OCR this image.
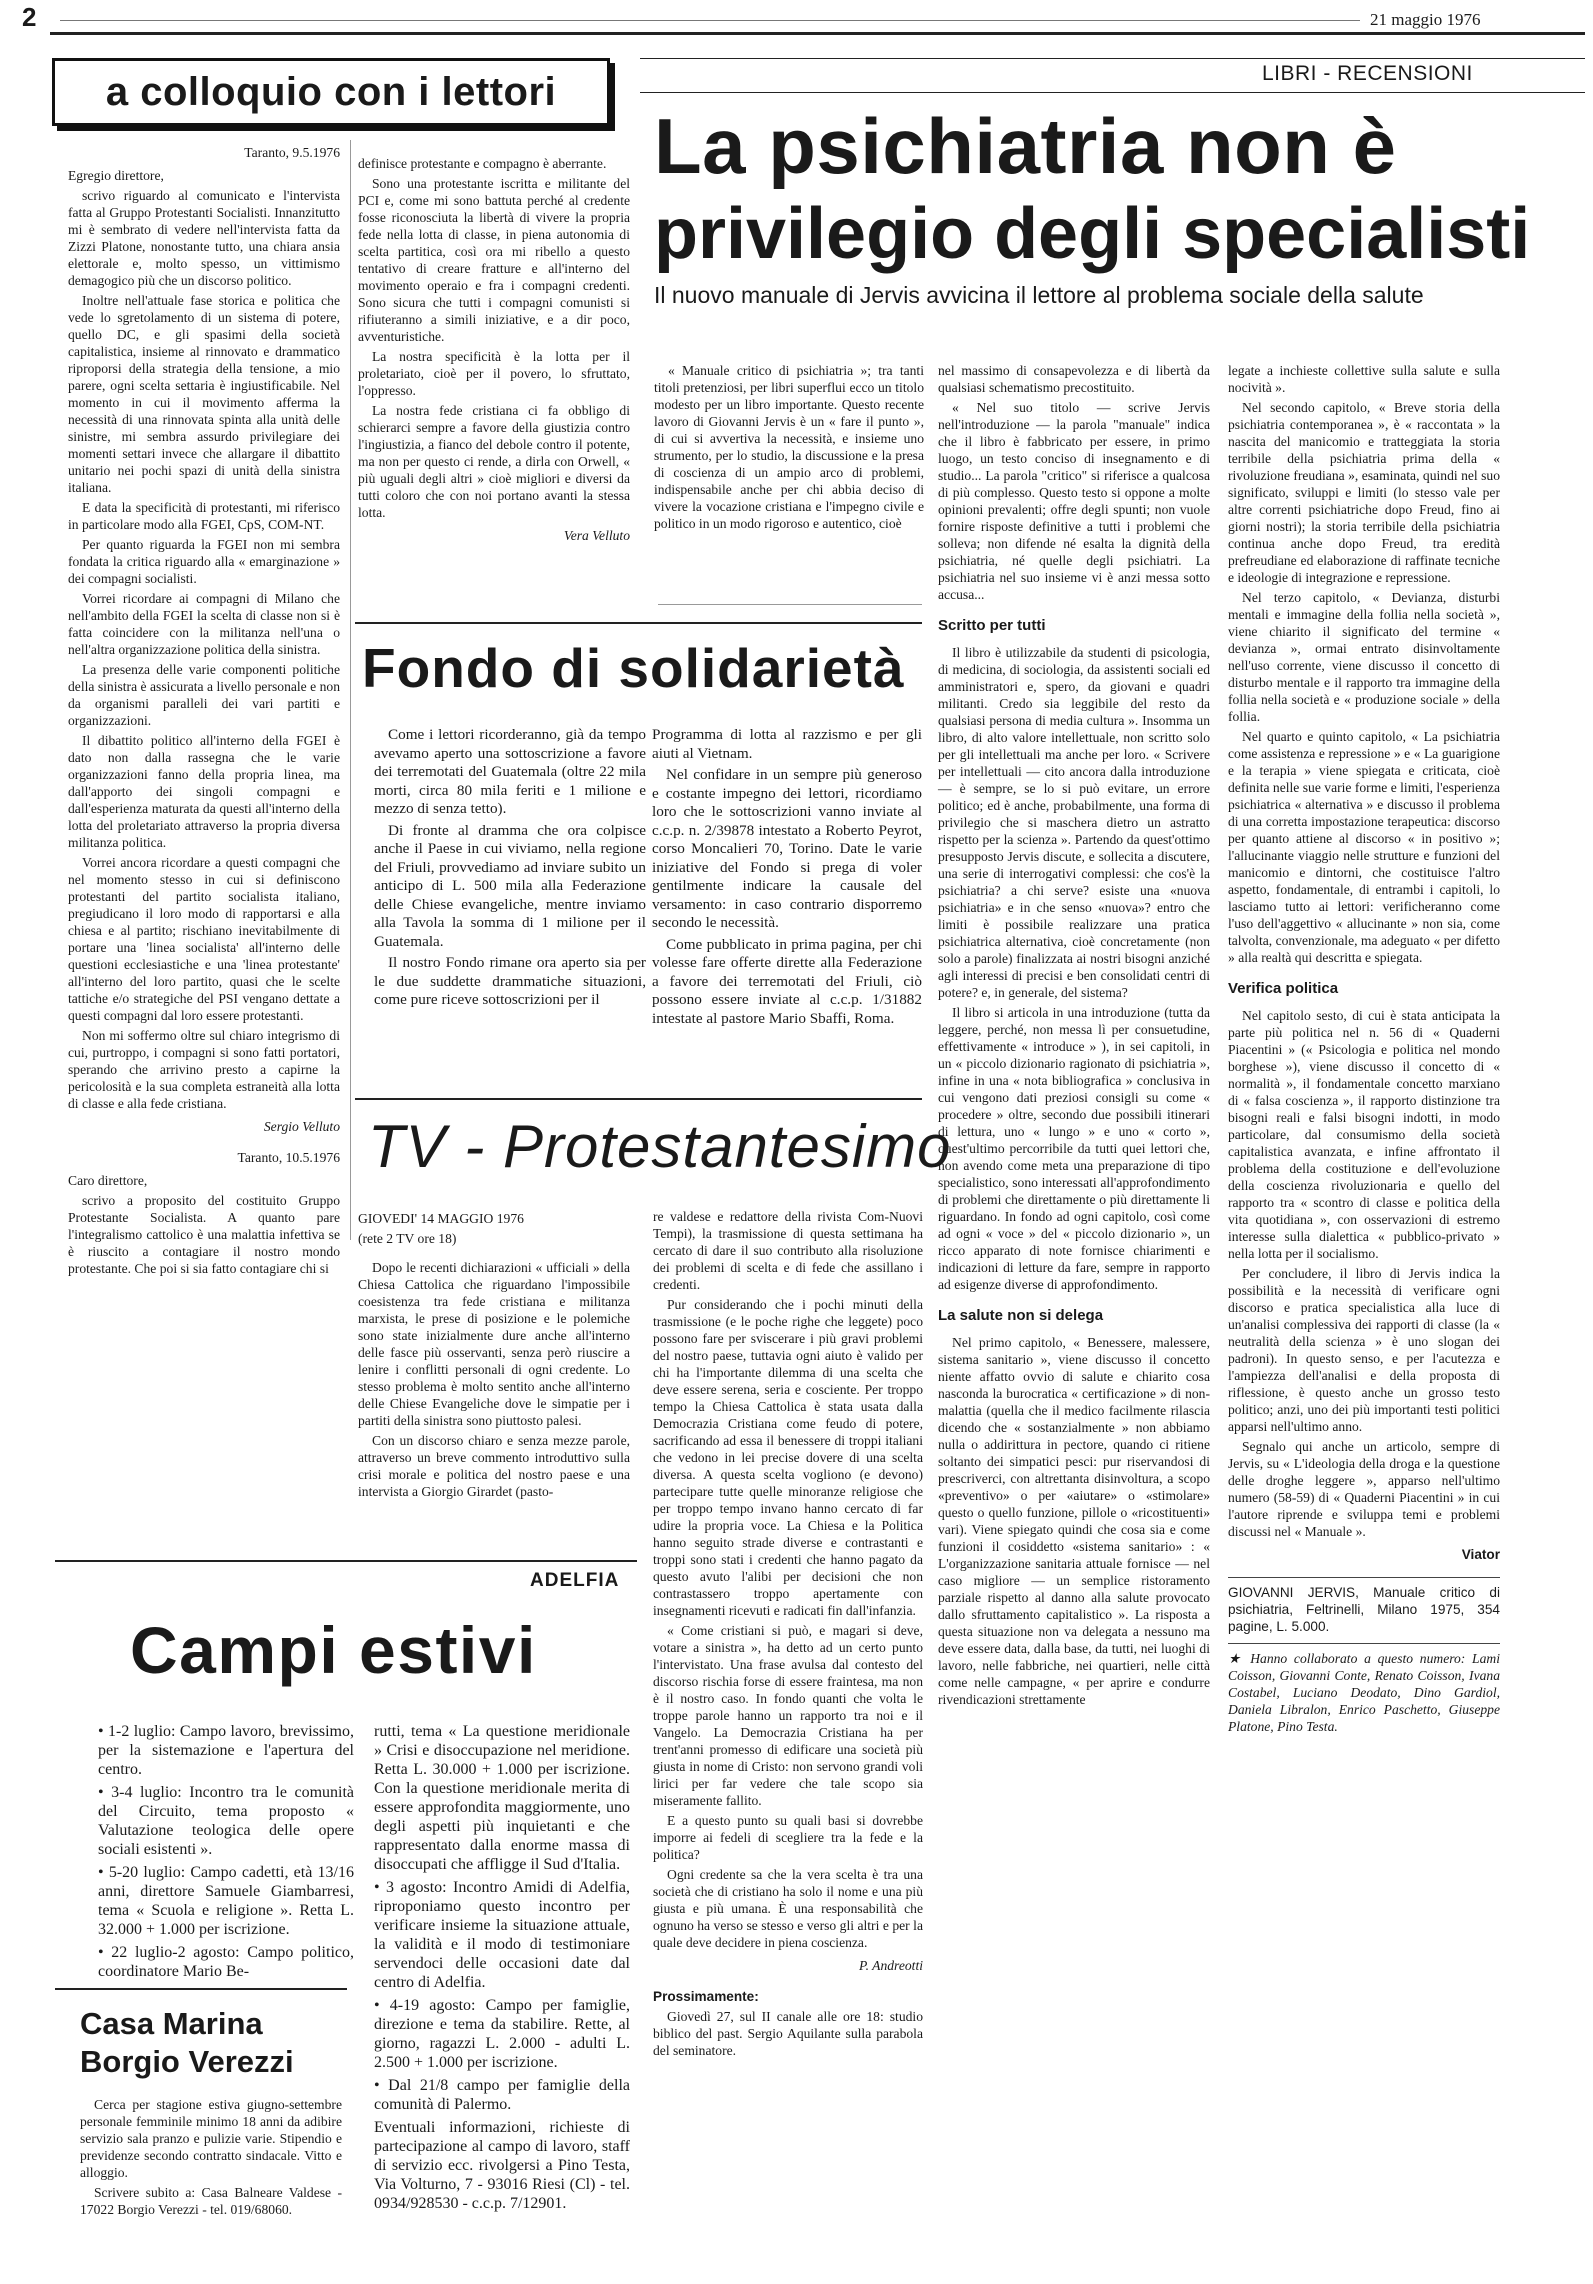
2	21 maggio 1976
a colloquio con i lettori

Taranto, 9.5.1976

Egregio direttore,

scrivo riguardo al comunicato e l'intervista fatta al Gruppo Protestanti Socialisti. Innanzitutto mi è sembrato di vedere nell'intervista fatta da Zizzi Platone, nonostante tutto, una chiara ansia elettorale e, molto spesso, un vittimismo demagogico più che un discorso politico.

Inoltre nell'attuale fase storica e politica che vede lo sgretolamento di un sistema di potere, quello DC, e gli spasimi della società capitalistica, insieme al rinnovato e drammatico riproporsi della strategia della tensione, a mio parere, ogni scelta settaria è ingiustificabile. Nel momento in cui il movimento afferma la necessità di una rinnovata spinta alla unità delle sinistre, mi sembra assurdo privilegiare dei momenti settari invece che allargare il dibattito unitario nei pochi spazi di unità della sinistra italiana.

E data la specificità di protestanti, mi riferisco in particolare modo alla FGEI, CpS, COM-NT.

Per quanto riguarda la FGEI non mi sembra fondata la critica riguardo alla « emarginazione » dei compagni socialisti.

Vorrei ricordare ai compagni di Milano che nell'ambito della FGEI la scelta di classe non si è fatta coincidere con la militanza nell'una o nell'altra organizzazione politica della sinistra.

La presenza delle varie componenti politiche della sinistra è assicurata a livello personale e non da organismi paralleli dei vari partiti e organizzazioni.

Il dibattito politico all'interno della FGEI è dato non dalla rassegna che le varie organizzazioni fanno della propria linea, ma dall'apporto dei singoli compagni e dall'esperienza maturata da questi all'interno della lotta del proletariato attraverso la propria diversa militanza politica.

Vorrei ancora ricordare a questi compagni che nel momento stesso in cui si definiscono protestanti del partito socialista italiano, pregiudicano il loro modo di rapportarsi e alla chiesa e al partito; rischiano inevitabilmente di portare una 'linea socialista' all'interno delle questioni ecclesiastiche e una 'linea protestante' all'interno del loro partito, quasi che le scelte tattiche e/o strategiche del PSI vengano dettate a questi compagni dal loro essere protestanti.

Non mi soffermo oltre sul chiaro integrismo di cui, purtroppo, i compagni si sono fatti portatori, sperando che arrivino presto a capirne la pericolosità e la sua completa estraneità alla lotta di classe e alla fede cristiana.

Sergio Velluto

Taranto, 10.5.1976

Caro direttore,

scrivo a proposito del costituito Gruppo Protestante Socialista. A quanto pare l'integralismo cattolico è una malattia infettiva se è riuscito a contagiare il nostro mondo protestante. Che poi si sia fatto contagiare chi si

definisce protestante e compagno è aberrante.

Sono una protestante iscritta e militante del PCI e, come mi sono battuta perché al credente fosse riconosciuta la libertà di vivere la propria fede nella lotta di classe, in piena autonomia di scelta partitica, così ora mi ribello a questo tentativo di creare fratture e all'interno del movimento operaio e fra i compagni credenti. Sono sicura che tutti i compagni comunisti si rifiuteranno a simili iniziative, e a dir poco, avventuristiche.

La nostra specificità è la lotta per il proletariato, cioè per il povero, lo sfruttato, l'oppresso.

La nostra fede cristiana ci fa obbligo di schierarci sempre a favore della giustizia contro l'ingiustizia, a fianco del debole contro il potente, ma non per questo ci rende, a dirla con Orwell, « più uguali degli altri » cioè migliori e diversi da tutti coloro che con noi portano avanti la stessa lotta.

Vera Velluto

Fondo di solidarietà

Come i lettori ricorderanno, già da tempo avevamo aperto una sottoscrizione a favore dei terremotati del Guatemala (oltre 22 mila morti, circa 80 mila feriti e 1 milione e mezzo di senza tetto).

Di fronte al dramma che ora colpisce anche il Paese in cui viviamo, nella regione del Friuli, provvediamo ad inviare subito un anticipo di L. 500 mila alla Federazione delle Chiese evangeliche, mentre inviamo alla Tavola la somma di 1 milione per il Guatemala.

Il nostro Fondo rimane ora aperto sia per le due suddette drammatiche situazioni, come pure riceve sottoscrizioni per il

Programma di lotta al razzismo e per gli aiuti al Vietnam.

Nel confidare in un sempre più generoso e costante impegno dei lettori, ricordiamo loro che le sottoscrizioni vanno inviate al c.c.p. n. 2/39878 intestato a Roberto Peyrot, corso Moncalieri 70, Torino. Date le varie iniziative del Fondo si prega di voler gentilmente indicare la causale del versamento: in caso contrario disporremo secondo le necessità.

Come pubblicato in prima pagina, per chi volesse fare offerte dirette alla Federazione a favore dei terremotati del Friuli, ciò possono essere inviate al c.c.p. 1/31882 intestate al pastore Mario Sbaffi, Roma.

TV - Protestantesimo

GIOVEDI' 14 MAGGIO 1976

(rete 2 TV ore 18)

Dopo le recenti dichiarazioni « ufficiali » della Chiesa Cattolica che riguardano l'impossibile coesistenza tra fede cristiana e militanza marxista, le prese di posizione e le polemiche sono state inizialmente dure anche all'interno delle fasce più osservanti, senza però riuscire a lenire i conflitti personali di ogni credente. Lo stesso problema è molto sentito anche all'interno delle Chiese Evangeliche dove le simpatie per i partiti della sinistra sono piuttosto palesi.

Con un discorso chiaro e senza mezze parole, attraverso un breve commento introduttivo sulla crisi morale e politica del nostro paese e una intervista a Giorgio Girardet (pasto-

re valdese e redattore della rivista Com-Nuovi Tempi), la trasmissione di questa settimana ha cercato di dare il suo contributo alla risoluzione dei problemi di scelta e di fede che assillano i credenti.

Pur considerando che i pochi minuti della trasmissione (e le poche righe che leggete) poco possono fare per sviscerare i più gravi problemi del nostro paese, tuttavia ogni aiuto è valido per chi ha l'importante dilemma di una scelta che deve essere serena, seria e cosciente. Per troppo tempo la Chiesa Cattolica è stata usata dalla Democrazia Cristiana come feudo di potere, sacrificando ad essa il benessere di troppi italiani che vedono in lei precise dovere di una scelta diversa. A questa scelta vogliono (e devono) partecipare tutte quelle minoranze religiose che per troppo tempo invano hanno cercato di far udire la propria voce. La Chiesa e la Politica hanno seguito strade diverse e contrastanti e troppi sono stati i credenti che hanno pagato da questo avuto l'alibi per decisioni che non contrastassero troppo apertamente con insegnamenti ricevuti e radicati fin dall'infanzia.

« Come cristiani si può, e magari si deve, votare a sinistra », ha detto ad un certo punto l'intervistato. Una frase avulsa dal contesto del discorso rischia forse di essere fraintesa, ma non è il nostro caso. In fondo quanti che volta le troppe parole hanno un rapporto tra noi e il Vangelo. La Democrazia Cristiana ha per trent'anni promesso di edificare una società più giusta in nome di Cristo: non servono grandi voli lirici per far vedere che tale scopo sia miseramente fallito.

E a questo punto su quali basi si dovrebbe imporre ai fedeli di scegliere tra la fede e la politica?

Ogni credente sa che la vera scelta è tra una società che di cristiano ha solo il nome e una più giusta e più umana. È una responsabilità che ognuno ha verso se stesso e verso gli altri e per la quale deve decidere in piena coscienza.

P. Andreotti

Prossimamente:

Giovedì 27, sul II canale alle ore 18: studio biblico del past. Sergio Aquilante sulla parabola del seminatore.

ADELFIA
Campi estivi

• 1-2 luglio: Campo lavoro, brevissimo, per la sistemazione e l'apertura del centro.

• 3-4 luglio: Incontro tra le comunità del Circuito, tema proposto « Valutazione teologica delle opere sociali esistenti ».

• 5-20 luglio: Campo cadetti, età 13/16 anni, direttore Samuele Giambarresi, tema « Scuola e religione ». Retta L. 32.000 + 1.000 per iscrizione.

• 22 luglio-2 agosto: Campo politico, coordinatore Mario Be-

rutti, tema « La questione meridionale » Crisi e disoccupazione nel meridione. Retta L. 30.000 + 1.000 per iscrizione. Con la questione meridionale merita di essere approfondita maggiormente, uno degli aspetti più inquietanti e che rappresentato dalla enorme massa di disoccupati che affligge il Sud d'Italia.

• 3 agosto: Incontro Amidi di Adelfia, riproponiamo questo incontro per verificare insieme la situazione attuale, la validità e il modo di testimoniare servendoci delle occasioni date dal centro di Adelfia.

• 4-19 agosto: Campo per famiglie, direzione e tema da stabilire. Rette, al giorno, ragazzi L. 2.000 - adulti L. 2.500 + 1.000 per iscrizione.

• Dal 21/8 campo per famiglie della comunità di Palermo.

Eventuali informazioni, richieste di partecipazione al campo di lavoro, staff di servizio ecc. rivolgersi a Pino Testa, Via Volturno, 7 - 93016 Riesi (Cl) - tel. 0934/928530 - c.c.p. 7/12901.

Casa Marina
Borgio Verezzi

Cerca per stagione estiva giugno-settembre personale femminile minimo 18 anni da adibire servizio sala pranzo e pulizie varie. Stipendio e previdenze secondo contratto sindacale. Vitto e alloggio.

Scrivere subito a: Casa Balneare Valdese - 17022 Borgio Verezzi - tel. 019/68060.

LIBRI - RECENSIONI
La psichiatria non è
privilegio degli specialisti
Il nuovo manuale di Jervis avvicina il lettore al problema sociale della salute

« Manuale critico di psichiatria »; tra tanti titoli pretenziosi, per libri superflui ecco un titolo modesto per un libro importante. Questo recente lavoro di Giovanni Jervis è un « fare il punto », di cui si avvertiva la necessità, e insieme uno strumento, per lo studio, la discussione e la presa di coscienza di un ampio arco di problemi, indispensabile anche per chi abbia deciso di vivere la vocazione cristiana e l'impegno civile e politico in un modo rigoroso e autentico, cioè

nel massimo di consapevolezza e di libertà da qualsiasi schematismo precostituito.

« Nel suo titolo — scrive Jervis nell'introduzione — la parola "manuale" indica che il libro è fabbricato per essere, in primo luogo, un testo conciso di insegnamento e di studio... La parola "critico" si riferisce a qualcosa di più complesso. Questo testo si oppone a molte opinioni prevalenti; offre degli spunti; non vuole fornire risposte definitive a tutti i problemi che solleva; non difende né esalta la dignità della psichiatria, né quelle degli psichiatri. La psichiatria nel suo insieme vi è anzi messa sotto accusa...

Scritto per tutti

Il libro è utilizzabile da studenti di psicologia, di medicina, di sociologia, da assistenti sociali ed amministratori e, spero, da giovani e quadri militanti. Credo sia leggibile del resto da qualsiasi persona di media cultura ». Insomma un libro, di alto valore intellettuale, non scritto solo per gli intellettuali ma anche per loro. « Scrivere per intellettuali — cito ancora dalla introduzione — è sempre, se lo si può evitare, un errore politico; ed è anche, probabilmente, una forma di privilegio che si maschera dietro un astratto rispetto per la scienza ». Partendo da quest'ottimo presupposto Jervis discute, e sollecita a discutere, una serie di interrogativi complessi: che cos'è la psichiatria? a chi serve? esiste una «nuova psichiatria» e in che senso «nuova»? entro che limiti è possibile realizzare una pratica psichiatrica alternativa, cioè concretamente (non solo a parole) finalizzata ai nostri bisogni anziché agli interessi di precisi e ben consolidati centri di potere? e, in generale, del sistema?

Il libro si articola in una introduzione (tutta da leggere, perché, non messa lì per consuetudine, effettivamente « introduce » ), in sei capitoli, in un « piccolo dizionario ragionato di psichiatria », infine in una « nota bibliografica » conclusiva in cui vengono dati preziosi consigli su come « procedere » oltre, secondo due possibili itinerari di lettura, uno « lungo » e uno « corto », quest'ultimo percorribile da tutti quei lettori che, non avendo come meta una preparazione di tipo specialistico, sono interessati all'approfondimento di problemi che direttamente o più direttamente li riguardano. In fondo ad ogni capitolo, così come ad ogni « voce » del « piccolo dizionario », un ricco apparato di note fornisce chiarimenti e indicazioni di letture da fare, sempre in rapporto ad esigenze diverse di approfondimento.

La salute non si delega

Nel primo capitolo, « Benessere, malessere, sistema sanitario », viene discusso il concetto niente affatto ovvio di salute e chiarito cosa nasconda la burocratica « certificazione » di non-malattia (quella che il medico facilmente rilascia dicendo che « sostanzialmente » non abbiamo nulla o addirittura in pectore, quando ci ritiene soltanto dei simpatici pesci: pur riservandosi di prescriverci, con altrettanta disinvoltura, a scopo «preventivo» o per «aiutare» o «stimolare» questo o quello funzione, pillole o «ricostituenti» vari). Viene spiegato quindi che cosa sia e come funzioni il cosiddetto «sistema sanitario» : « L'organizzazione sanitaria attuale fornisce — nel caso migliore — un semplice ristoramento parziale rispetto al danno alla salute provocato dallo sfruttamento capitalistico ». La risposta a questa situazione non va delegata a nessuno ma deve essere data, dalla base, da tutti, nei luoghi di lavoro, nelle fabbriche, nei quartieri, nelle città come nelle campagne, « per aprire e condurre rivendicazioni strettamente

legate a inchieste collettive sulla salute e sulla nocività ».

Nel secondo capitolo, « Breve storia della psichiatria contemporanea », è « raccontata » la nascita del manicomio e tratteggiata la storia terribile della psichiatria prima della « rivoluzione freudiana », esaminata, quindi nel suo significato, sviluppi e limiti (lo stesso vale per altre correnti psichiatriche dopo Freud, fino ai giorni nostri); la storia terribile della psichiatria continua anche dopo Freud, tra eredità prefreudiane ed elaborazione di raffinate tecniche e ideologie di integrazione e repressione.

Nel terzo capitolo, « Devianza, disturbi mentali e immagine della follia nella società », viene chiarito il significato del termine « devianza », ormai entrato disinvoltamente nell'uso corrente, viene discusso il concetto di disturbo mentale e il rapporto tra immagine della follia nella società e « produzione sociale » della follia.

Nel quarto e quinto capitolo, « La psichiatria come assistenza e repressione » e « La guarigione e la terapia » viene spiegata e criticata, cioè definita nelle sue varie forme e limiti, l'esperienza psichiatrica « alternativa » e discusso il problema di una corretta impostazione terapeutica: discorso per quanto attiene al discorso « in positivo »; l'allucinante viaggio nelle strutture e funzioni del manicomio e dintorni, che costituisce l'altro aspetto, fondamentale, di entrambi i capitoli, lo lasciamo tutto ai lettori: verificheranno come l'uso dell'aggettivo « allucinante » non sia, come talvolta, convenzionale, ma adeguato « per difetto » alla realtà qui descritta e spiegata.

Verifica politica

Nel capitolo sesto, di cui è stata anticipata la parte più politica nel n. 56 di « Quaderni Piacentini » (« Psicologia e politica nel mondo borghese »), viene discusso il concetto di « normalità », il fondamentale concetto marxiano di « falsa coscienza », il rapporto distinzione tra bisogni reali e falsi bisogni indotti, in modo particolare, dal consumismo della società capitalistica avanzata, e infine affrontato il problema della costituzione e dell'evoluzione della coscienza rivoluzionaria e quello del rapporto tra « scontro di classe e politica della vita quotidiana », con osservazioni di estremo interesse sulla dialettica « pubblico-privato » nella lotta per il socialismo.

Per concludere, il libro di Jervis indica la possibilità e la necessità di verificare ogni discorso e pratica specialistica alla luce di un'analisi complessiva dei rapporti di classe (la « neutralità della scienza » è uno slogan dei padroni). In questo senso, e per l'acutezza e l'ampiezza dell'analisi e della proposta di riflessione, è questo anche un grosso testo politico; anzi, uno dei più importanti testi politici apparsi nell'ultimo anno.

Segnalo qui anche un articolo, sempre di Jervis, su « L'ideologia della droga e la questione delle droghe leggere », apparso nell'ultimo numero (58-59) di « Quaderni Piacentini » in cui l'autore riprende e sviluppa temi e problemi discussi nel « Manuale ».

Viator

GIOVANNI JERVIS, Manuale critico di psichiatria, Feltrinelli, Milano 1975, 354 pagine, L. 5.000.

★ Hanno collaborato a questo numero: Lami Coisson, Giovanni Conte, Renato Coisson, Ivana Costabel, Luciano Deodato, Dino Gardiol, Daniela Libralon, Enrico Paschetto, Giuseppe Platone, Pino Testa.
